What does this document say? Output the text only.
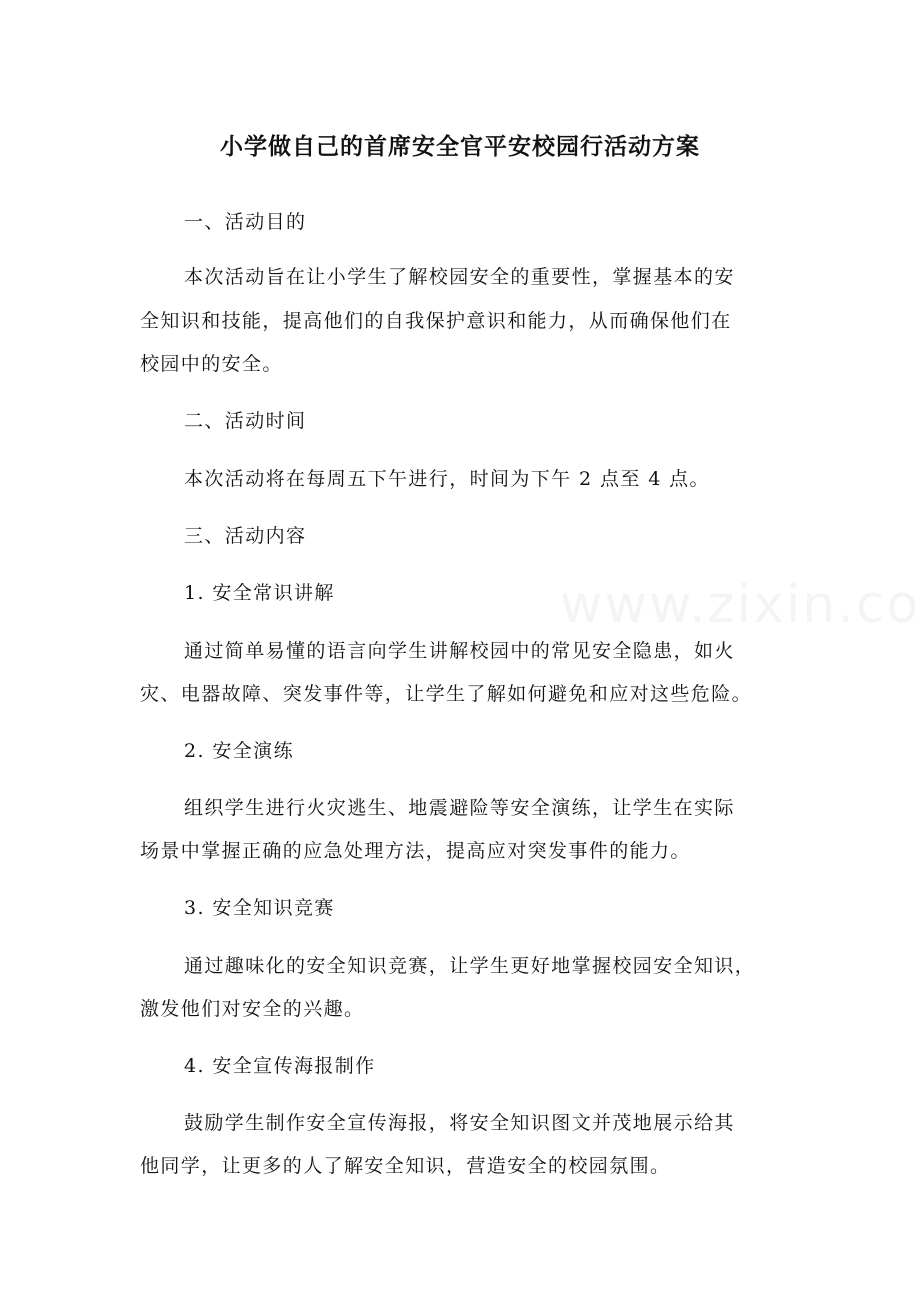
小学做自己的首席安全官平安校园行活动方案
一、活动目的
本次活动旨在让小学生了解校园安全的重要性，掌握基本的安
全知识和技能，提高他们的自我保护意识和能力，从而确保他们在
校园中的安全。
二、活动时间
本次活动将在每周五下午进行，时间为下午 2 点至 4 点。
三、活动内容
1. 安全常识讲解
通过简单易懂的语言向学生讲解校园中的常见安全隐患，如火
灾、电器故障、突发事件等，让学生了解如何避免和应对这些危险。
2. 安全演练
组织学生进行火灾逃生、地震避险等安全演练，让学生在实际
场景中掌握正确的应急处理方法，提高应对突发事件的能力。
3. 安全知识竞赛
通过趣味化的安全知识竞赛，让学生更好地掌握校园安全知识，
激发他们对安全的兴趣。
4. 安全宣传海报制作
鼓励学生制作安全宣传海报，将安全知识图文并茂地展示给其
他同学，让更多的人了解安全知识，营造安全的校园氛围。
